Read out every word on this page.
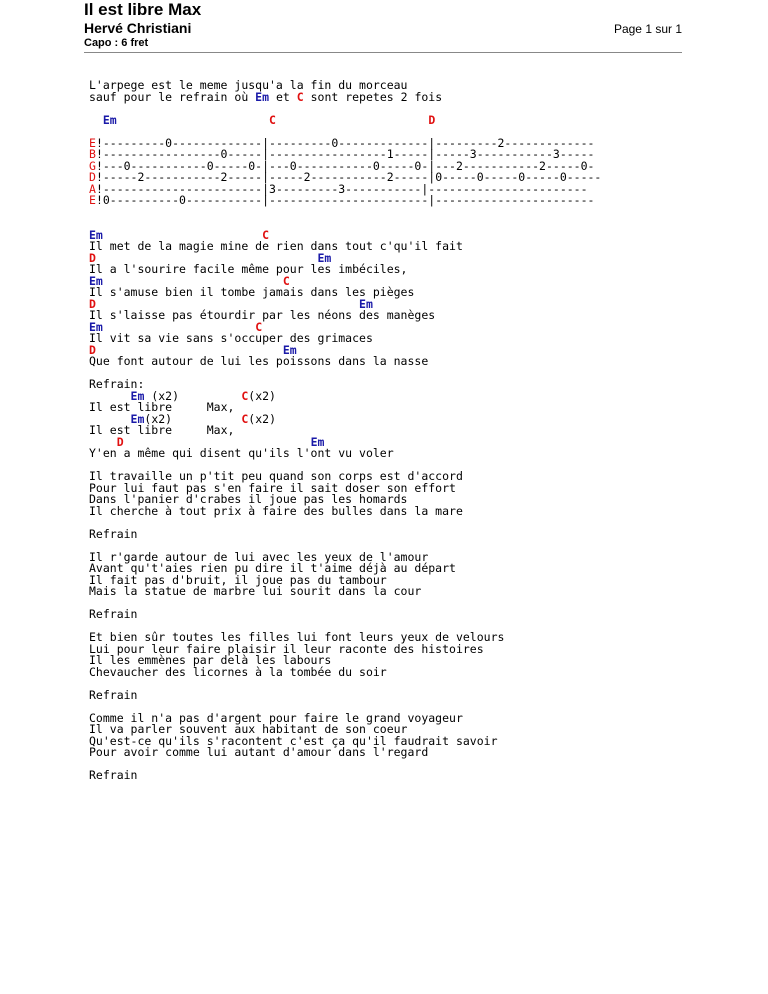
Il est libre Max
Hervé Christiani
Capo : 6 fret
Page 1 sur 1
L'arpege est le meme jusqu'a la fin du morceau
sauf pour le refrain où Em et C sont repetes 2 fois

Em	C	D

E!---------0-------------|---------0-------------|---------2-------------
B!-----------------0-----|-----------------1-----|-----3-----------3-----
G!---0-----------0-----0-|---0-----------0-----0-|---2-----------2-----0-
D!-----2-----------2-----|-----2-----------2-----|0-----0-----0-----0-----
A!-----------------------|3---------3-----------|-----------------------
E!0----------0-----------|-----------------------|-----------------------

Em	C
Il met de la magie mine de rien dans tout c'qu'il fait
D	Em
Il a l'sourire facile même pour les imbéciles,
Em	C
Il s'amuse bien il tombe jamais dans les pièges
D	Em
Il s'laisse pas étourdir par les néons des manèges
Em	C
Il vit sa vie sans s'occuper des grimaces
D	Em
Que font autour de lui les poissons dans la nasse

Refrain:
Em (x2)	C(x2)
Il est libre	Max,
Em(x2)	C(x2)
Il est libre	Max,
D	Em
Y'en a même qui disent qu'ils l'ont vu voler

Il travaille un p'tit peu quand son corps est d'accord
Pour lui faut pas s'en faire il sait doser son effort
Dans l'panier d'crabes il joue pas les homards
Il cherche à tout prix à faire des bulles dans la mare

Refrain

Il r'garde autour de lui avec les yeux de l'amour
Avant qu't'aies rien pu dire il t'aime déjà au départ
Il fait pas d'bruit, il joue pas du tambour
Mais la statue de marbre lui sourit dans la cour

Refrain

Et bien sûr toutes les filles lui font leurs yeux de velours
Lui pour leur faire plaisir il leur raconte des histoires
Il les emmènes par delà les labours
Chevaucher des licornes à la tombée du soir

Refrain

Comme il n'a pas d'argent pour faire le grand voyageur
Il va parler souvent aux habitant de son coeur
Qu'est-ce qu'ils s'racontent c'est ça qu'il faudrait savoir
Pour avoir comme lui autant d'amour dans l'regard

Refrain
